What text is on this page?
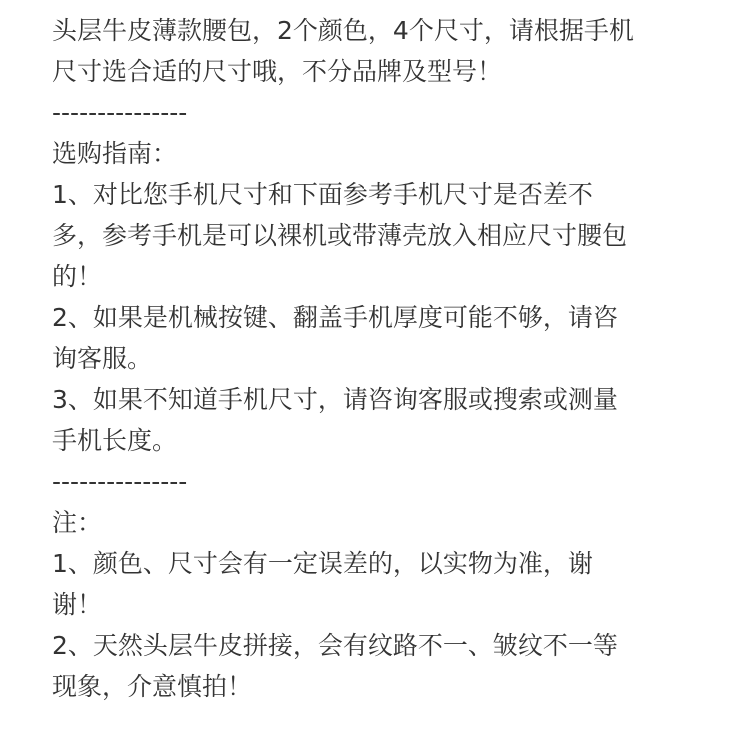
头层牛皮薄款腰包，2个颜色，4个尺寸，请根据手机
尺寸选合适的尺寸哦，不分品牌及型号！
---------------
选购指南：
1、对比您手机尺寸和下面参考手机尺寸是否差不
多，参考手机是可以裸机或带薄壳放入相应尺寸腰包
的！
2、如果是机械按键、翻盖手机厚度可能不够，请咨
询客服。
3、如果不知道手机尺寸，请咨询客服或搜索或测量
手机长度。
---------------
注：
1、颜色、尺寸会有一定误差的，以实物为准，谢
谢！
2、天然头层牛皮拼接，会有纹路不一、皱纹不一等
现象，介意慎拍！
